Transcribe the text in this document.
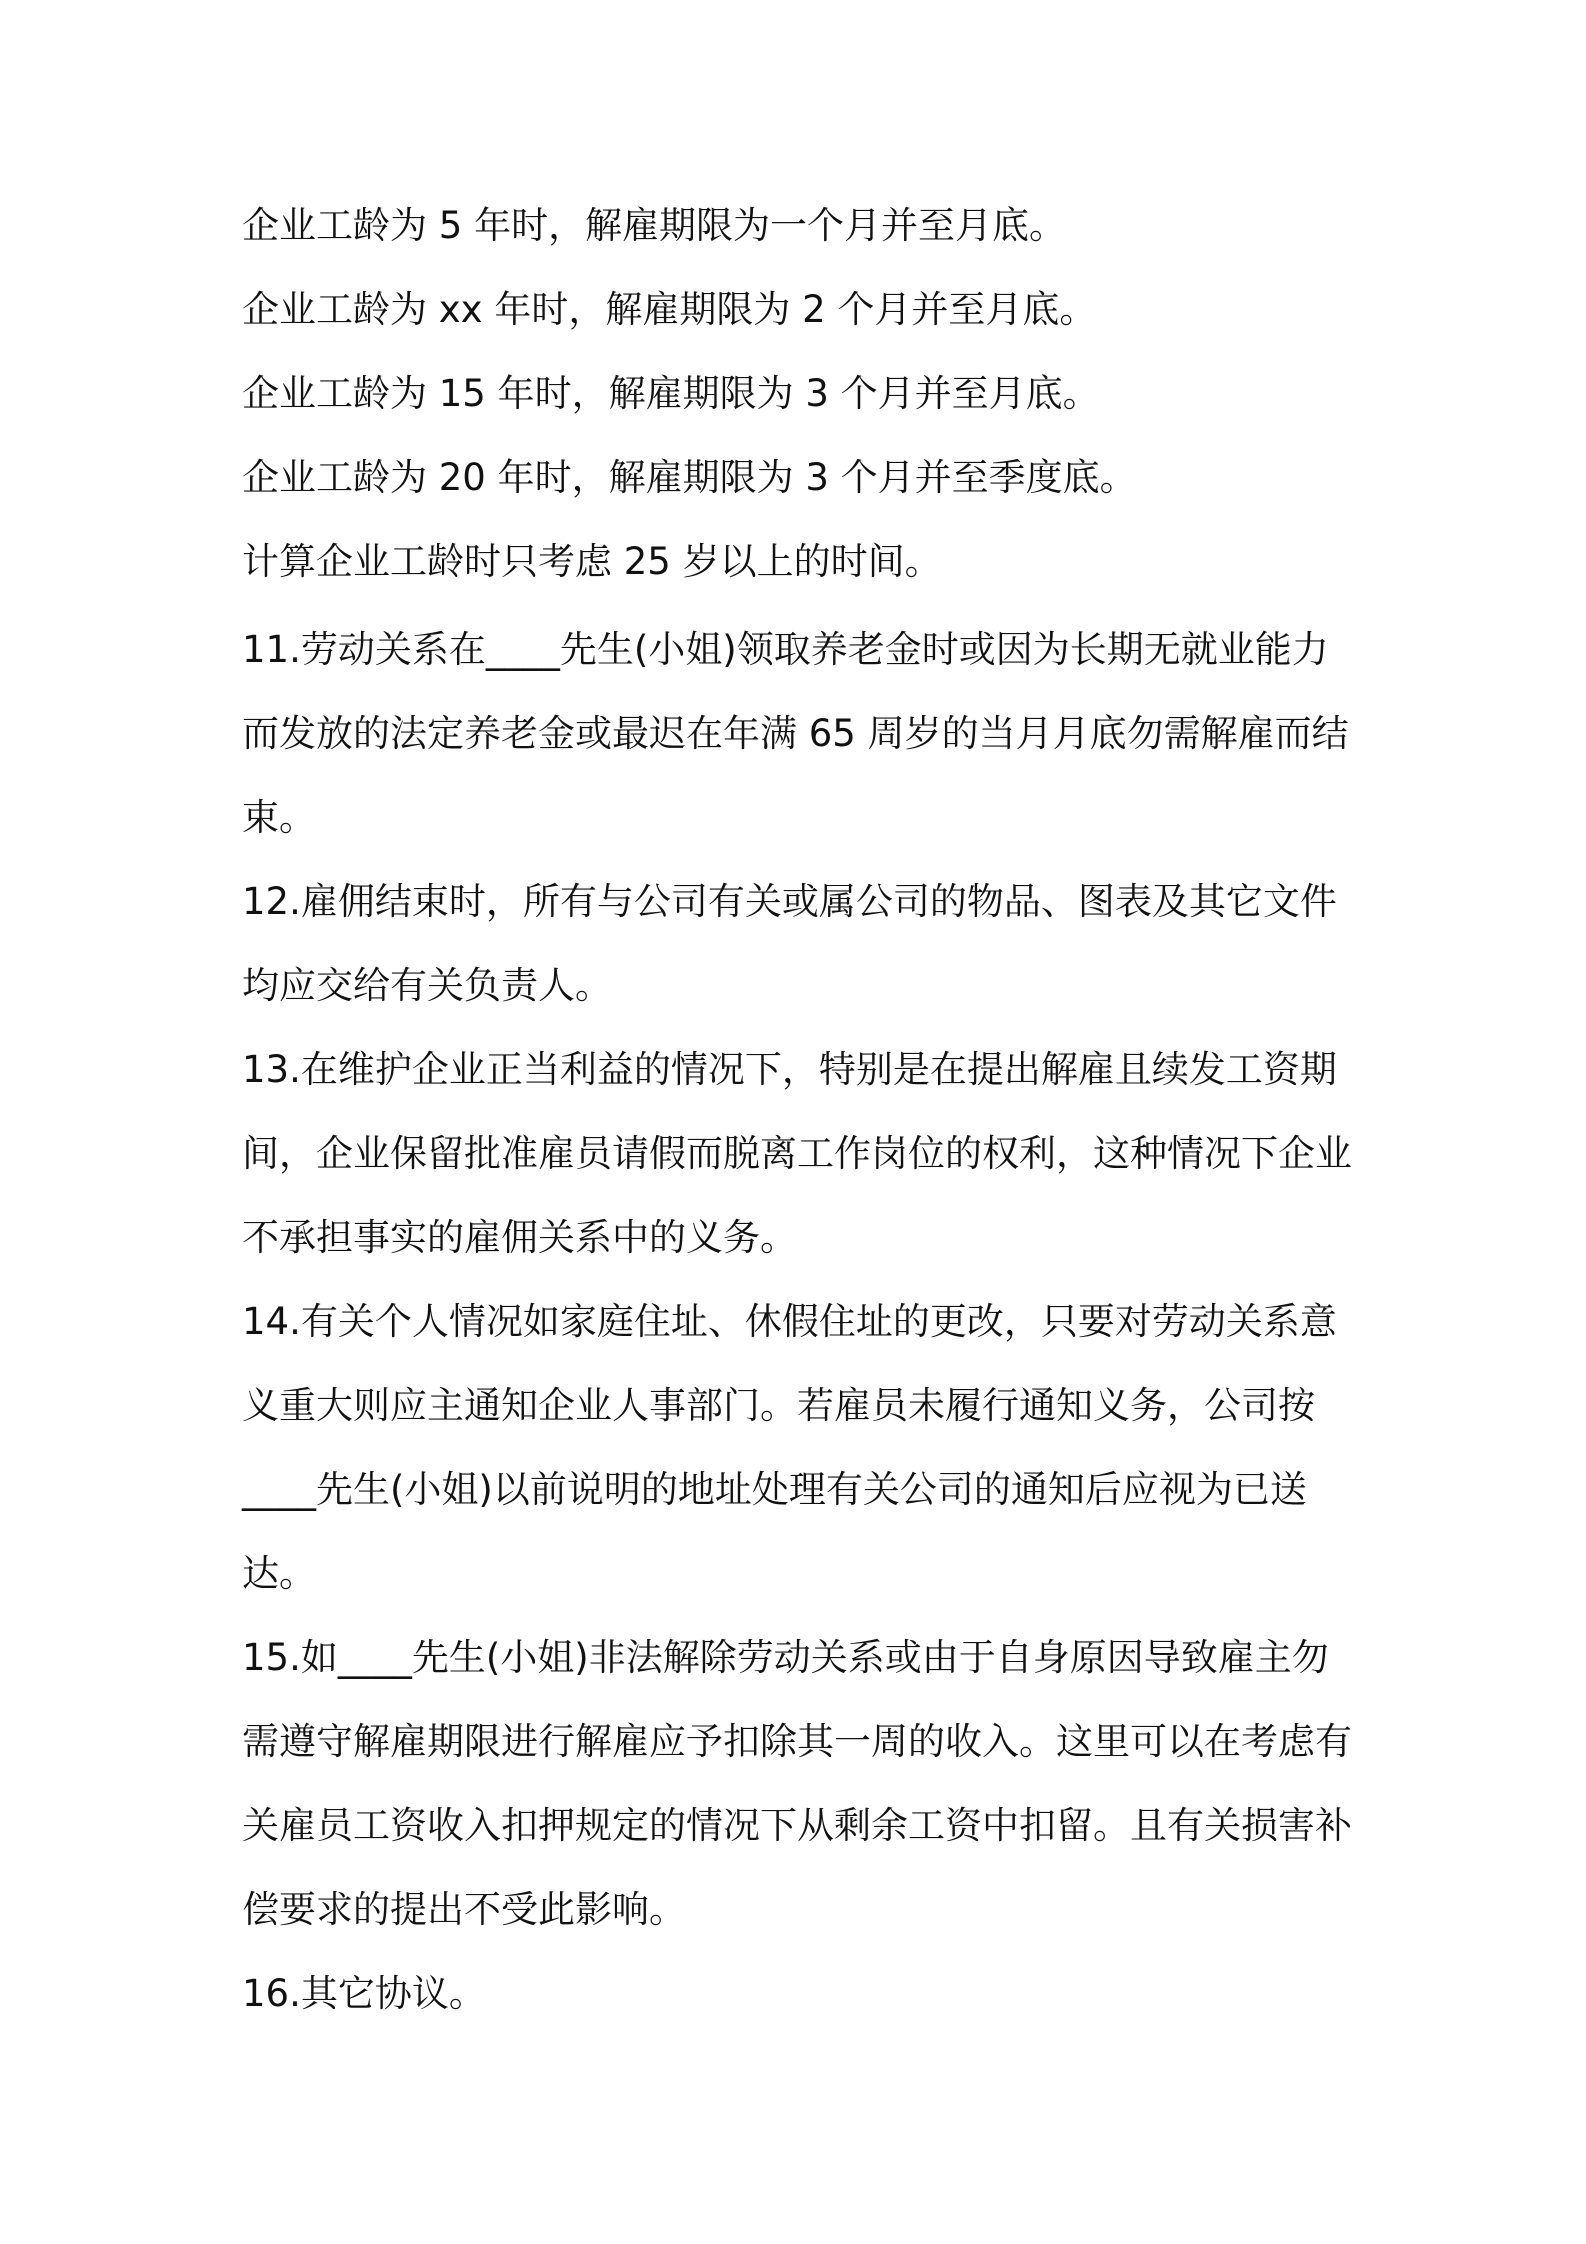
企业工龄为 5 年时，解雇期限为一个月并至月底。
企业工龄为 xx 年时，解雇期限为 2 个月并至月底。
企业工龄为 15 年时，解雇期限为 3 个月并至月底。
企业工龄为 20 年时，解雇期限为 3 个月并至季度底。
计算企业工龄时只考虑 25 岁以上的时间。
11.劳动关系在____先生(小姐)领取养老金时或因为长期无就业能力
而发放的法定养老金或最迟在年满 65 周岁的当月月底勿需解雇而结
束。
12.雇佣结束时，所有与公司有关或属公司的物品、图表及其它文件
均应交给有关负责人。
13.在维护企业正当利益的情况下，特别是在提出解雇且续发工资期
间，企业保留批准雇员请假而脱离工作岗位的权利，这种情况下企业
不承担事实的雇佣关系中的义务。
14.有关个人情况如家庭住址、休假住址的更改，只要对劳动关系意
义重大则应主通知企业人事部门。若雇员未履行通知义务，公司按
____先生(小姐)以前说明的地址处理有关公司的通知后应视为已送
达。
15.如____先生(小姐)非法解除劳动关系或由于自身原因导致雇主勿
需遵守解雇期限进行解雇应予扣除其一周的收入。这里可以在考虑有
关雇员工资收入扣押规定的情况下从剩余工资中扣留。且有关损害补
偿要求的提出不受此影响。
16.其它协议。
